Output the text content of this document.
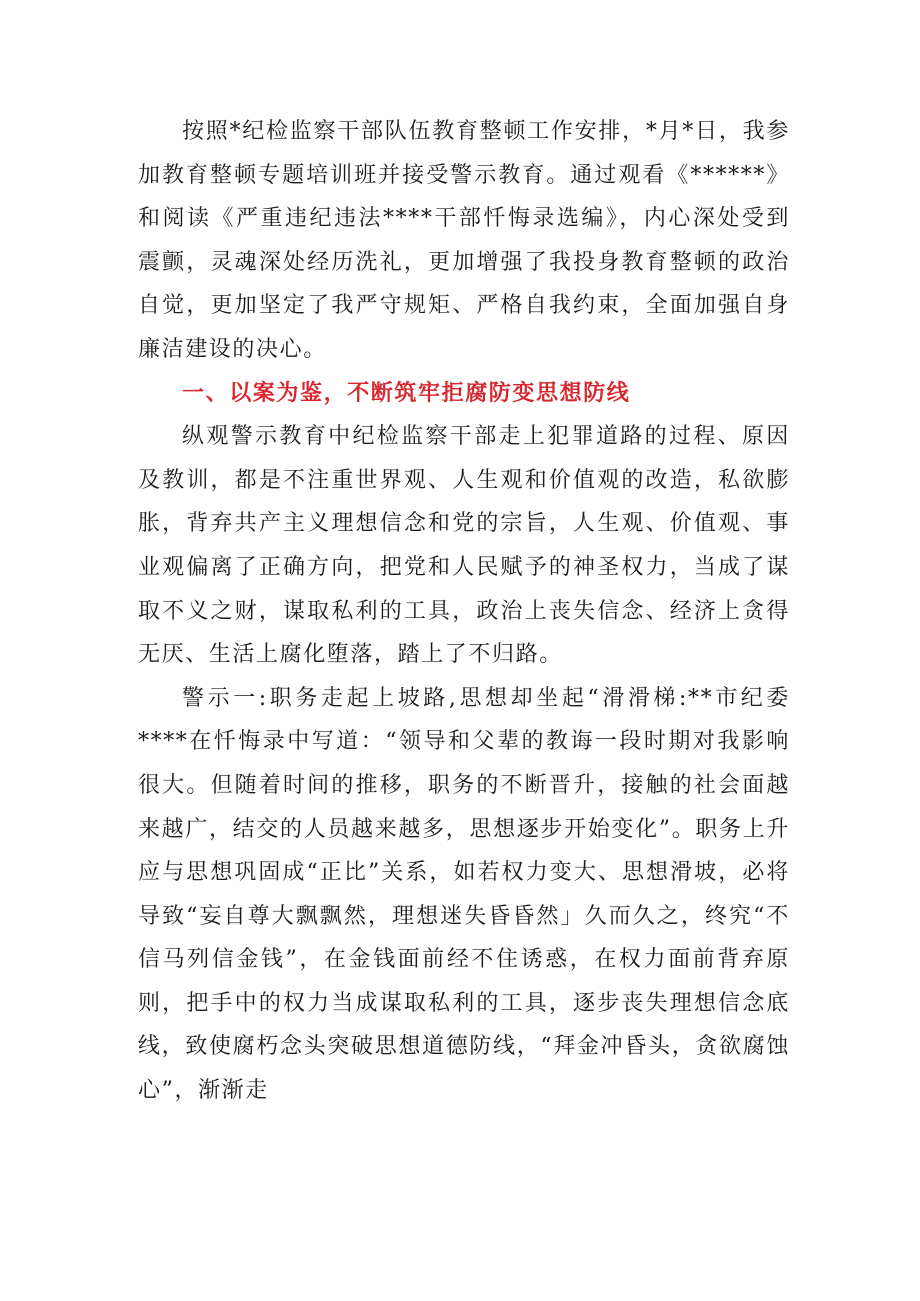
按照*纪检监察干部队伍教育整顿工作安排，*月*日，我参加教育整顿专题培训班并接受警示教育。通过观看《******》和阅读《严重违纪违法****干部忏悔录选编》，内心深处受到震颤，灵魂深处经历洗礼，更加增强了我投身教育整顿的政治自觉，更加坚定了我严守规矩、严格自我约束，全面加强自身廉洁建设的决心。

一、以案为鉴，不断筑牢拒腐防变思想防线

纵观警示教育中纪检监察干部走上犯罪道路的过程、原因及教训，都是不注重世界观、人生观和价值观的改造，私欲膨胀，背弃共产主义理想信念和党的宗旨，人生观、价值观、事业观偏离了正确方向，把党和人民赋予的神圣权力，当成了谋取不义之财，谋取私利的工具，政治上丧失信念、经济上贪得无厌、生活上腐化堕落，踏上了不归路。

警示一:职务走起上坡路,思想却坐起“滑滑梯:**市纪委****在忏悔录中写道：“领导和父辈的教诲一段时期对我影响很大。但随着时间的推移，职务的不断晋升，接触的社会面越来越广，结交的人员越来越多，思想逐步开始变化”。职务上升应与思想巩固成“正比”关系，如若权力变大、思想滑坡，必将导致“妄自尊大飘飘然，理想迷失昏昏然」久而久之，终究“不信马列信金钱”，在金钱面前经不住诱惑，在权力面前背弃原则，把手中的权力当成谋取私利的工具，逐步丧失理想信念底线，致使腐朽念头突破思想道德防线，“拜金冲昏头，贪欲腐蚀心”，渐渐走
